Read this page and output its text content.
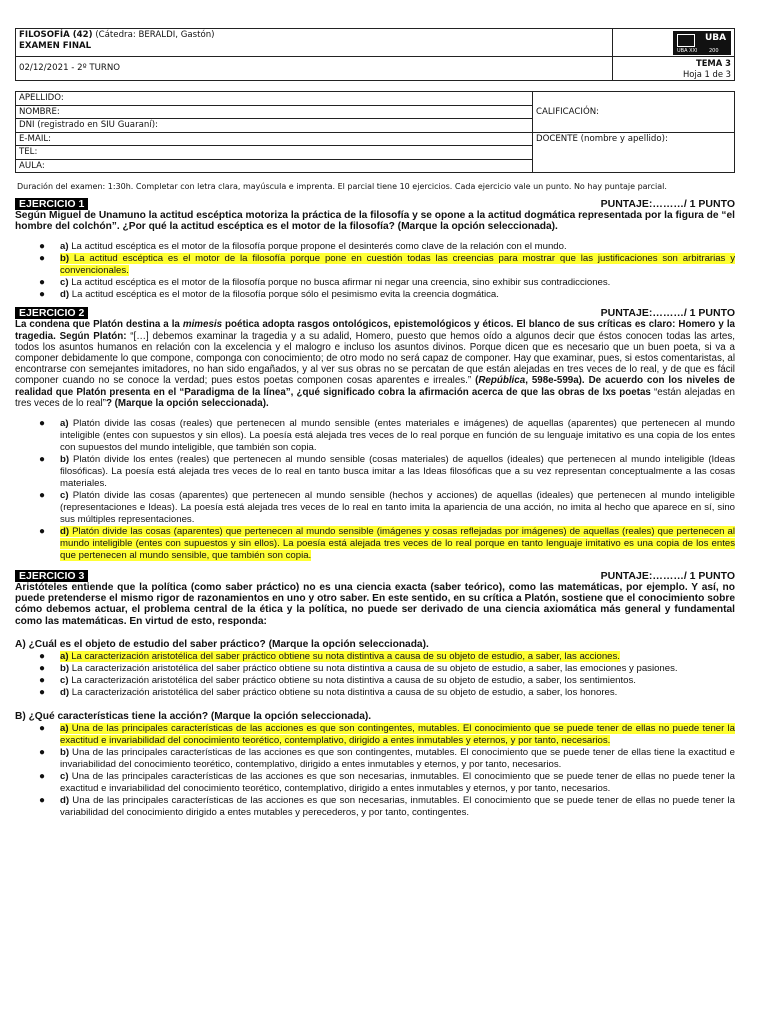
FILOSOFÍA (42) (Cátedra: BERALDI, Gastón)
EXAMEN FINAL	UBA
UBA XXI 200

02/12/2021 - 2º TURNO	TEMA 3
Hoja 1 de 3
APELLIDO:	CALIFICACIÓN:
NOMBRE:	
DNI (registrado en SIU Guaraní):	
E-MAIL:	DOCENTE (nombre y apellido):
TEL:	
AULA:	
Duración del examen: 1:30h. Completar con letra clara, mayúscula e imprenta. El parcial tiene 10 ejercicios. Cada ejercicio vale un punto. No hay puntaje parcial.
EJERCICIO 1	PUNTAJE:………/ 1 PUNTO

Según Miguel de Unamuno la actitud escéptica motoriza la práctica de la filosofía y se opone a la actitud dogmática representada por la figura de “el hombre del colchón”. ¿Por qué la actitud escéptica es el motor de la filosofía? (Marque la opción seleccionada).

● a) La actitud escéptica es el motor de la filosofía porque propone el desinterés como clave de la relación con el mundo.
● b) La actitud escéptica es el motor de la filosofía porque pone en cuestión todas las creencias para mostrar que las justificaciones son arbitrarias y convencionales.
● c) La actitud escéptica es el motor de la filosofía porque no busca afirmar ni negar una creencia, sino exhibir sus contradicciones.
● d) La actitud escéptica es el motor de la filosofía porque sólo el pesimismo evita la creencia dogmática.
EJERCICIO 2	PUNTAJE:………/ 1 PUNTO

La condena que Platón destina a la mimesis poética adopta rasgos ontológicos, epistemológicos y éticos. El blanco de sus críticas es claro: Homero y la tragedia. Según Platón: “[…] debemos examinar la tragedia y a su adalid, Homero, puesto que hemos oído a algunos decir que éstos conocen todas las artes, todos los asuntos humanos en relación con la excelencia y el malogro e incluso los asuntos divinos. Porque dicen que es necesario que un buen poeta, si va a componer debidamente lo que compone, componga con conocimiento; de otro modo no será capaz de componer. Hay que examinar, pues, si estos comentaristas, al encontrarse con semejantes imitadores, no han sido engañados, y al ver sus obras no se percatan de que están alejadas en tres veces de lo real, y de que es fácil componer cuando no se conoce la verdad; pues estos poetas componen cosas aparentes e irreales.” (República, 598e-599a). De acuerdo con los niveles de realidad que Platón presenta en el “Paradigma de la línea”, ¿qué significado cobra la afirmación acerca de que las obras de lxs poetas “están alejadas en tres veces de lo real”? (Marque la opción seleccionada).

● a) Platón divide las cosas (reales) que pertenecen al mundo sensible (entes materiales e imágenes) de aquellas (aparentes) que pertenecen al mundo inteligible (entes con supuestos y sin ellos). La poesía está alejada tres veces de lo real porque en función de su lenguaje imitativo es una copia de los entes con supuestos del mundo inteligible, que también son copia.
● b) Platón divide los entes (reales) que pertenecen al mundo sensible (cosas materiales) de aquellos (ideales) que pertenecen al mundo inteligible (Ideas filosóficas). La poesía está alejada tres veces de lo real en tanto busca imitar a las Ideas filosóficas que a su vez representan conceptualmente a las cosas materiales.
● c) Platón divide las cosas (aparentes) que pertenecen al mundo sensible (hechos y acciones) de aquellas (ideales) que pertenecen al mundo inteligible (representaciones e Ideas). La poesía está alejada tres veces de lo real en tanto imita la apariencia de una acción, no imita al hecho que aparece en sí, sino sus múltiples representaciones.
● d) Platón divide las cosas (aparentes) que pertenecen al mundo sensible (imágenes y cosas reflejadas por imágenes) de aquellas (reales) que pertenecen al mundo inteligible (entes con supuestos y sin ellos). La poesía está alejada tres veces de lo real porque en tanto lenguaje imitativo es una copia de los entes que pertenecen al mundo sensible, que también son copia.
EJERCICIO 3	PUNTAJE:………/ 1 PUNTO

Aristóteles entiende que la política (como saber práctico) no es una ciencia exacta (saber teórico), como las matemáticas, por ejemplo. Y así, no puede pretenderse el mismo rigor de razonamientos en uno y otro saber. En este sentido, en su crítica a Platón, sostiene que el conocimiento sobre cómo debemos actuar, el problema central de la ética y la política, no puede ser derivado de una ciencia axiomática más general y fundamental como las matemáticas. En virtud de esto, responda:

A) ¿Cuál es el objeto de estudio del saber práctico? (Marque la opción seleccionada).

● a) La caracterización aristotélica del saber práctico obtiene su nota distintiva a causa de su objeto de estudio, a saber, las acciones.
● b) La caracterización aristotélica del saber práctico obtiene su nota distintiva a causa de su objeto de estudio, a saber, las emociones y pasiones.
● c) La caracterización aristotélica del saber práctico obtiene su nota distintiva a causa de su objeto de estudio, a saber, los sentimientos.
● d) La caracterización aristotélica del saber práctico obtiene su nota distintiva a causa de su objeto de estudio, a saber, los honores.

B) ¿Qué características tiene la acción? (Marque la opción seleccionada).

● a) Una de las principales características de las acciones es que son contingentes, mutables. El conocimiento que se puede tener de ellas no puede tener la exactitud e invariabilidad del conocimiento teorético, contemplativo, dirigido a entes inmutables y eternos, y por tanto, necesarios.
● b) Una de las principales características de las acciones es que son contingentes, mutables. El conocimiento que se puede tener de ellas tiene la exactitud e invariabilidad del conocimiento teorético, contemplativo, dirigido a entes inmutables y eternos, y por tanto, necesarios.
● c) Una de las principales características de las acciones es que son necesarias, inmutables. El conocimiento que se puede tener de ellas no puede tener la exactitud e invariabilidad del conocimiento teorético, contemplativo, dirigido a entes inmutables y eternos, y por tanto, necesarios.
● d) Una de las principales características de las acciones es que son necesarias, inmutables. El conocimiento que se puede tener de ellas no puede tener la variabilidad del conocimiento dirigido a entes mutables y perecederos, y por tanto, contingentes.
